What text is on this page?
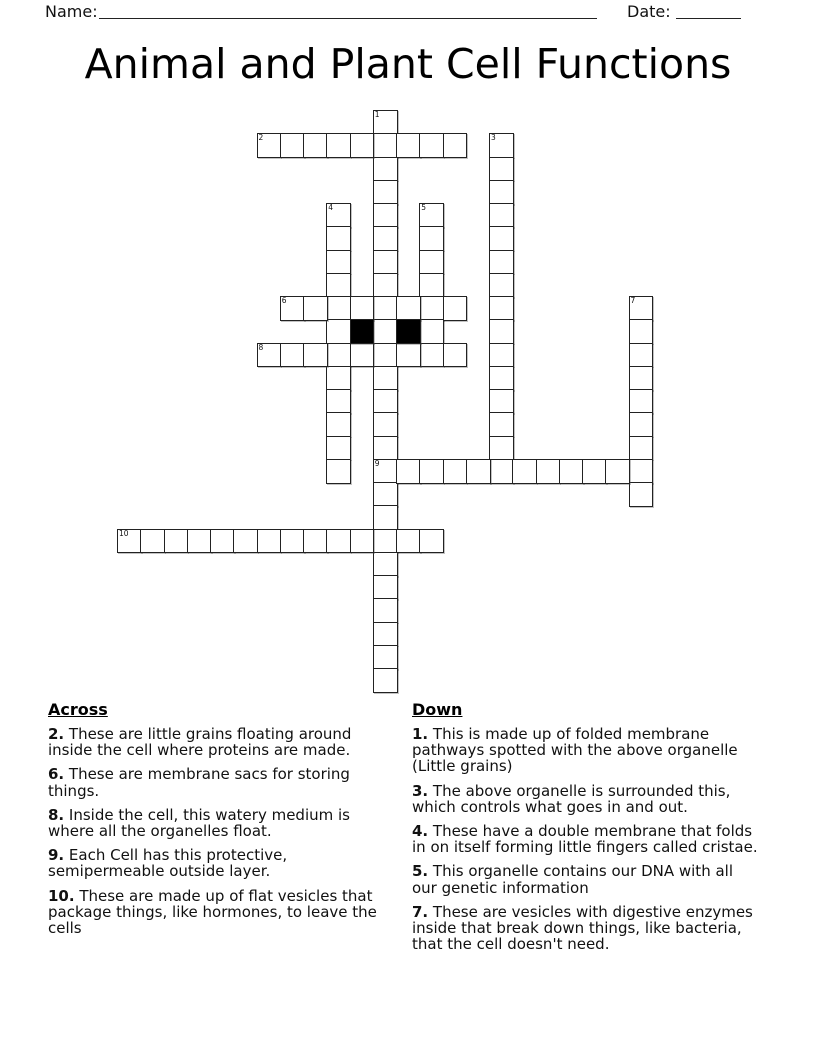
Name:	Date:
Animal and Plant Cell Functions
1
9
2	3
4	5
6	7
8
10
Across
2. These are little grains floating around inside the cell where proteins are made.
6. These are membrane sacs for storing things.
8. Inside the cell, this watery medium is where all the organelles float.
9. Each Cell has this protective, semipermeable outside layer.
10. These are made up of flat vesicles that package things, like hormones, to leave the cells
Down
1. This is made up of folded membrane pathways spotted with the above organelle (Little grains)
3. The above organelle is surrounded this, which controls what goes in and out.
4. These have a double membrane that folds in on itself forming little fingers called cristae.
5. This organelle contains our DNA with all our genetic information
7. These are vesicles with digestive enzymes inside that break down things, like bacteria, that the cell doesn't need.
